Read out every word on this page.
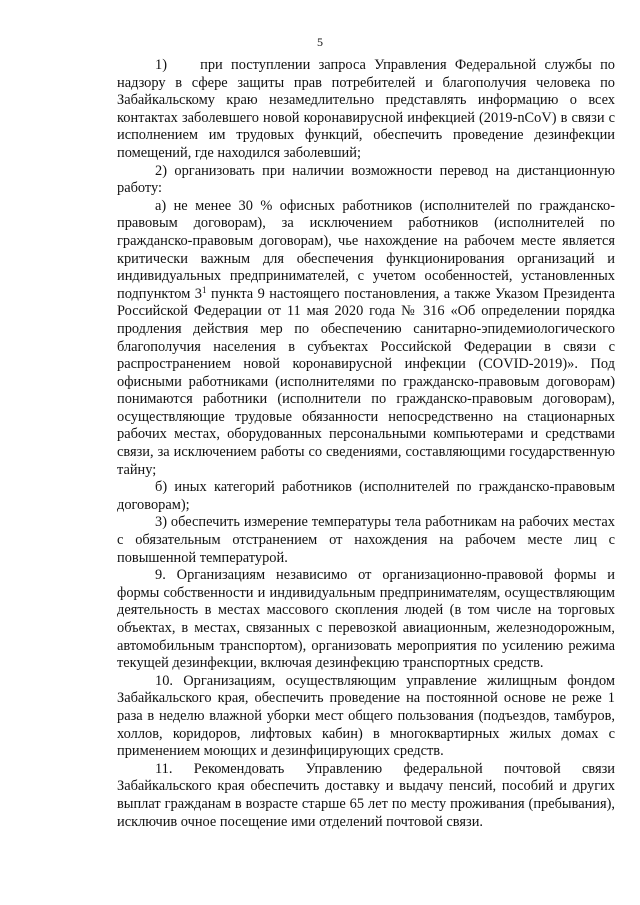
5

1)    при поступлении запроса Управления Федеральной службы по надзору в сфере защиты прав потребителей и благополучия человека по Забайкальскому краю незамедлительно представлять информацию о всех контактах заболевшего новой коронавирусной инфекцией (2019-nCoV) в связи с исполнением им трудовых функций, обеспечить проведение дезинфекции помещений, где находился заболевший;

2) организовать при наличии возможности перевод на дистанционную работу:

а) не менее 30 % офисных работников (исполнителей по гражданско-правовым договорам), за исключением работников (исполнителей по гражданско-правовым договорам), чье нахождение на рабочем месте является критически важным для обеспечения функционирования организаций и индивидуальных предпринимателей, с учетом особенностей, установленных подпунктом $3^1$ пункта 9 настоящего постановления, а также Указом Президента Российской Федерации от 11 мая 2020 года № 316 «Об определении порядка продления действия мер по обеспечению санитарно-эпидемиологического благополучия населения в субъектах Российской Федерации в связи с распространением новой коронавирусной инфекции (COVID-2019)». Под офисными работниками (исполнителями по гражданско-правовым договорам) понимаются работники (исполнители по гражданско-правовым договорам), осуществляющие трудовые обязанности непосредственно на стационарных рабочих местах, оборудованных персональными компьютерами и средствами связи, за исключением работы со сведениями, составляющими государственную тайну;

б) иных категорий работников (исполнителей по гражданско-правовым договорам);

3) обеспечить измерение температуры тела работникам на рабочих местах с обязательным отстранением от нахождения на рабочем месте лиц с повышенной температурой.

9. Организациям независимо от организационно-правовой формы и формы собственности и индивидуальным предпринимателям, осуществляющим деятельность в местах массового скопления людей (в том числе на торговых объектах, в местах, связанных с перевозкой авиационным, железнодорожным, автомобильным транспортом), организовать мероприятия по усилению режима текущей дезинфекции, включая дезинфекцию транспортных средств.

10. Организациям, осуществляющим управление жилищным фондом Забайкальского края, обеспечить проведение на постоянной основе не реже 1 раза в неделю влажной уборки мест общего пользования (подъездов, тамбуров, холлов, коридоров, лифтовых кабин) в многоквартирных жилых домах с применением моющих и дезинфицирующих средств.

11. Рекомендовать Управлению федеральной почтовой связи Забайкальского края обеспечить доставку и выдачу пенсий, пособий и других выплат гражданам в возрасте старше 65 лет по месту проживания (пребывания), исключив очное посещение ими отделений почтовой связи.
